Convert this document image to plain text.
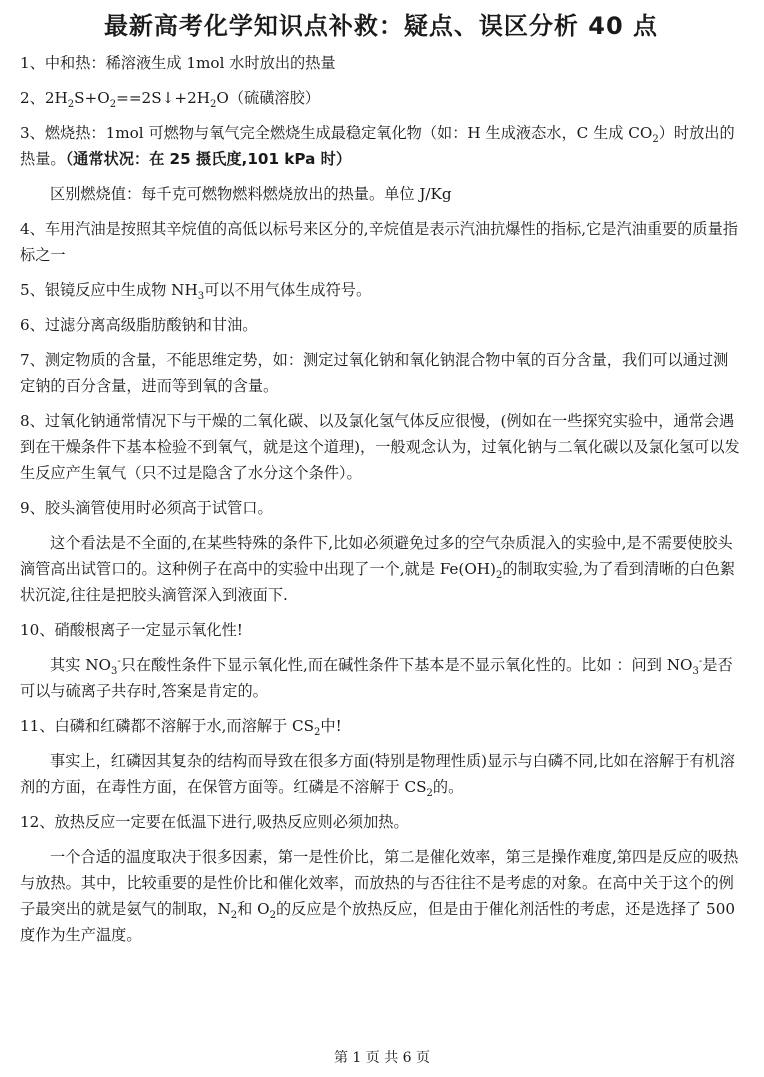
最新高考化学知识点补救：疑点、误区分析 40 点

1、中和热：稀溶液生成 1mol 水时放出的热量

2、$2H_2S+O_2==2S↓+2H_2O$（硫磺溶胶）

3、燃烧热：1mol 可燃物与氧气完全燃烧生成最稳定氧化物（如：H 生成液态水，C 生成 $CO_2$）时放出的热量。（通常状况：在 25 摄氏度,101 kPa 时）

区别燃烧值：每千克可燃物燃料燃烧放出的热量。单位 J/Kg

4、车用汽油是按照其辛烷值的高低以标号来区分的,辛烷值是表示汽油抗爆性的指标,它是汽油重要的质量指标之一

5、银镜反应中生成物 $NH_3$可以不用气体生成符号。

6、过滤分离高级脂肪酸钠和甘油。

7、测定物质的含量，不能思维定势，如：测定过氧化钠和氧化钠混合物中氧的百分含量，我们可以通过测定钠的百分含量，进而等到氧的含量。

8、过氧化钠通常情况下与干燥的二氧化碳、以及氯化氢气体反应很慢，(例如在一些探究实验中，通常会遇到在干燥条件下基本检验不到氧气，就是这个道理)，一般观念认为，过氧化钠与二氧化碳以及氯化氢可以发生反应产生氧气（只不过是隐含了水分这个条件）。

9、胶头滴管使用时必须高于试管口。

这个看法是不全面的,在某些特殊的条件下,比如必须避免过多的空气杂质混入的实验中,是不需要使胶头滴管高出试管口的。这种例子在高中的实验中出现了一个,就是 $Fe(OH)_2$的制取实验,为了看到清晰的白色絮状沉淀,往往是把胶头滴管深入到液面下.

10、硝酸根离子一定显示氧化性!

其实 $NO_3^-$只在酸性条件下显示氧化性,而在碱性条件下基本是不显示氧化性的。比如 ：问到 $NO_3^-$是否可以与硫离子共存时,答案是肯定的。

11、白磷和红磷都不溶解于水,而溶解于 $CS_2$中!

事实上，红磷因其复杂的结构而导致在很多方面(特别是物理性质)显示与白磷不同,比如在溶解于有机溶剂的方面，在毒性方面，在保管方面等。红磷是不溶解于 $CS_2$的。

12、放热反应一定要在低温下进行,吸热反应则必须加热。

一个合适的温度取决于很多因素，第一是性价比，第二是催化效率，第三是操作难度,第四是反应的吸热与放热。其中，比较重要的是性价比和催化效率，而放热的与否往往不是考虑的对象。在高中关于这个的例子最突出的就是氨气的制取，$N_2$和 $O_2$的反应是个放热反应，但是由于催化剂活性的考虑，还是选择了 500 度作为生产温度。

第 1 页 共 6 页
